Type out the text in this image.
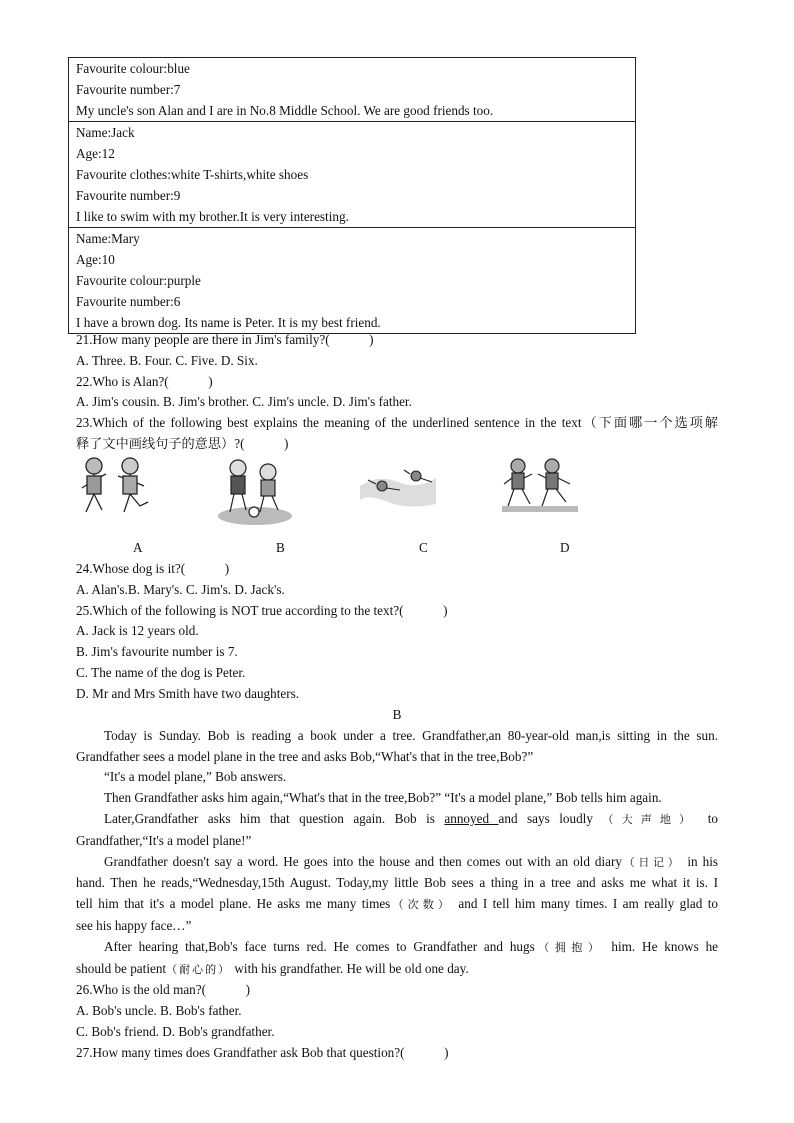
Favourite colour:blue
Favourite number:7
My uncle's son Alan and I are in No.8 Middle School. We are good friends too.
Name:Jack
Age:12
Favourite clothes:white T-shirts,white shoes
Favourite number:9
I like to swim with my brother.It is very interesting.
Name:Mary
Age:10
Favourite colour:purple
Favourite number:6
I have a brown dog. Its name is Peter. It is my best friend.
21.How many people are there in Jim's family?(　　　)
A. Three. B. Four. C. Five. D. Six.
22.Who is Alan?(　　　)
A. Jim's cousin. B. Jim's brother. C. Jim's uncle. D. Jim's father.
23.Which of the following best explains the meaning of the underlined sentence in the text（下面哪一个选项解
释了文中画线句子的意思）?(　　　)
A	B	C	D
24.Whose dog is it?(　　　)
A. Alan's.B. Mary's. C. Jim's. D. Jack's.
25.Which of the following is NOT true according to the text?(　　　)
A. Jack is 12 years old.
B. Jim's favourite number is 7.
C. The name of the dog is Peter.
D. Mr and Mrs Smith have two daughters.
B
Today is Sunday. Bob is reading a book under a tree. Grandfather,an 80-year-old man,is sitting in the sun.
Grandfather sees a model plane in the tree and asks Bob,“What's that in the tree,Bob?”
“It's a model plane,” Bob answers.
Then Grandfather asks him again,“What's that in the tree,Bob?” “It's a model plane,” Bob tells him again.
Later,Grandfather asks him that question again. Bob is annoyed and says loudly （大声地） to
Grandfather,“It's a model plane!”
Grandfather doesn't say a word. He goes into the house and then comes out with an old diary（日记） in his
hand. Then he reads,“Wednesday,15th August. Today,my little Bob sees a thing in a tree and asks me what it is. I
tell him that it's a model plane. He asks me many times（次数） and I tell him many times. I am really glad to
see his happy face…”
After hearing that,Bob's face turns red. He comes to Grandfather and hugs（拥抱） him. He knows he
should be patient（耐心的） with his grandfather. He will be old one day.
26.Who is the old man?(　　　)
A. Bob's uncle. B. Bob's father.
C. Bob's friend. D. Bob's grandfather.
27.How many times does Grandfather ask Bob that question?(　　　)
